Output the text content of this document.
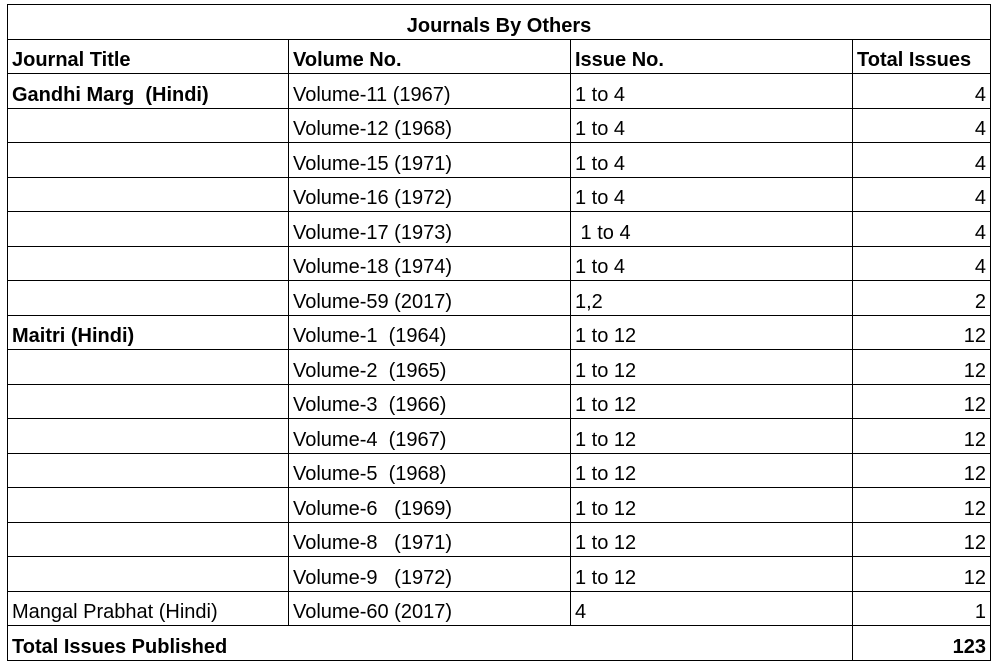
Journals By Others			
Journal Title	Volume No.	Issue No.	Total Issues
Gandhi Marg  (Hindi)	Volume-11 (1967)	1 to 4	4
	Volume-12 (1968)	1 to 4	4
	Volume-15 (1971)	1 to 4	4
	Volume-16 (1972)	1 to 4	4
	Volume-17 (1973)	1 to 4	4
	Volume-18 (1974)	1 to 4	4
	Volume-59 (2017)	1,2	2
Maitri (Hindi)	Volume-1  (1964)	1 to 12	12
	Volume-2  (1965)	1 to 12	12
	Volume-3  (1966)	1 to 12	12
	Volume-4  (1967)	1 to 12	12
	Volume-5  (1968)	1 to 12	12
	Volume-6   (1969)	1 to 12	12
	Volume-8   (1971)	1 to 12	12
	Volume-9   (1972)	1 to 12	12
Mangal Prabhat (Hindi)	Volume-60 (2017)	4	1
Total Issues Published			123
